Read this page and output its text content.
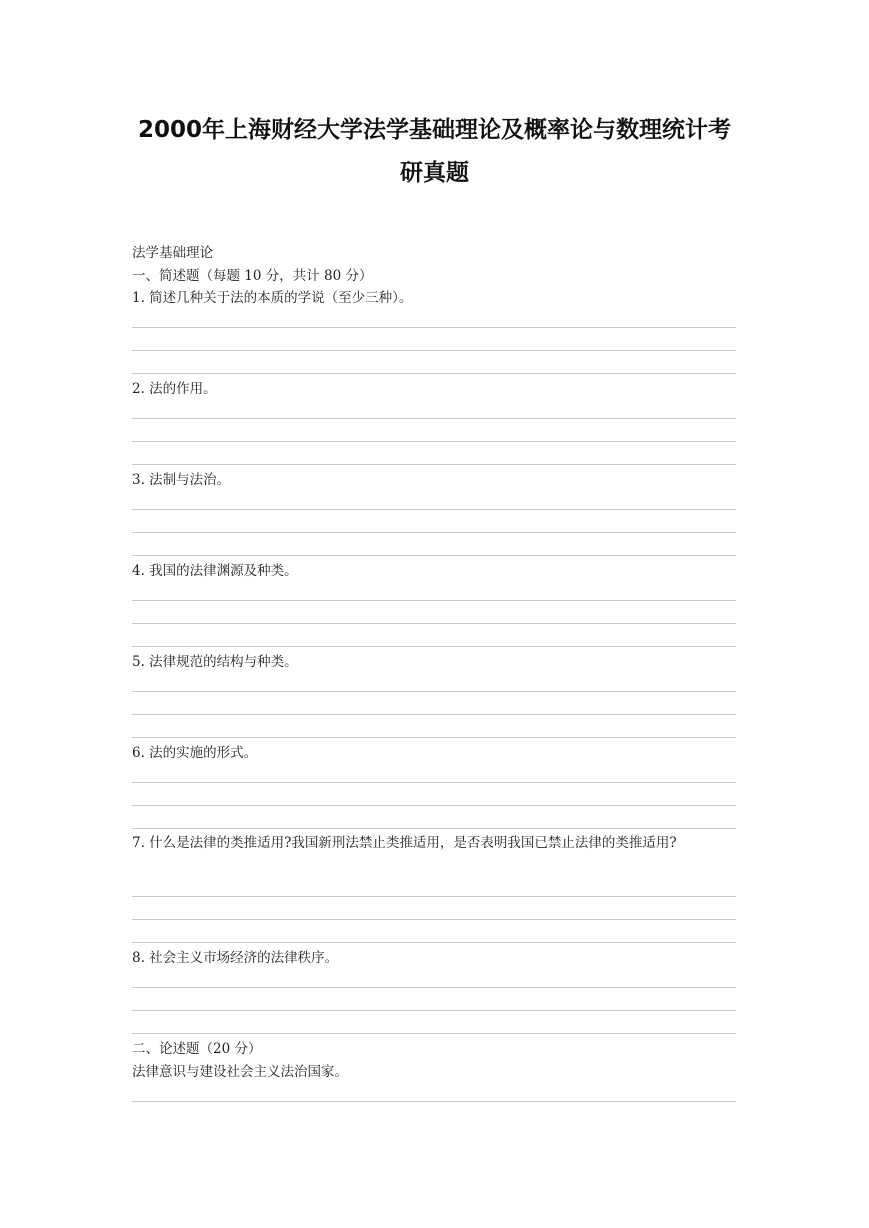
2000年上海财经大学法学基础理论及概率论与数理统计考
研真题

法学基础理论

一、简述题（每题 10 分，共计 80 分）

1. 简述几种关于法的本质的学说（至少三种）。

2. 法的作用。

3. 法制与法治。

4. 我国的法律渊源及种类。

5. 法律规范的结构与种类。

6. 法的实施的形式。

7. 什么是法律的类推适用?我国新刑法禁止类推适用，是否表明我国已禁止法律的类推适用?

8. 社会主义市场经济的法律秩序。

二、论述题（20 分）

法律意识与建设社会主义法治国家。
